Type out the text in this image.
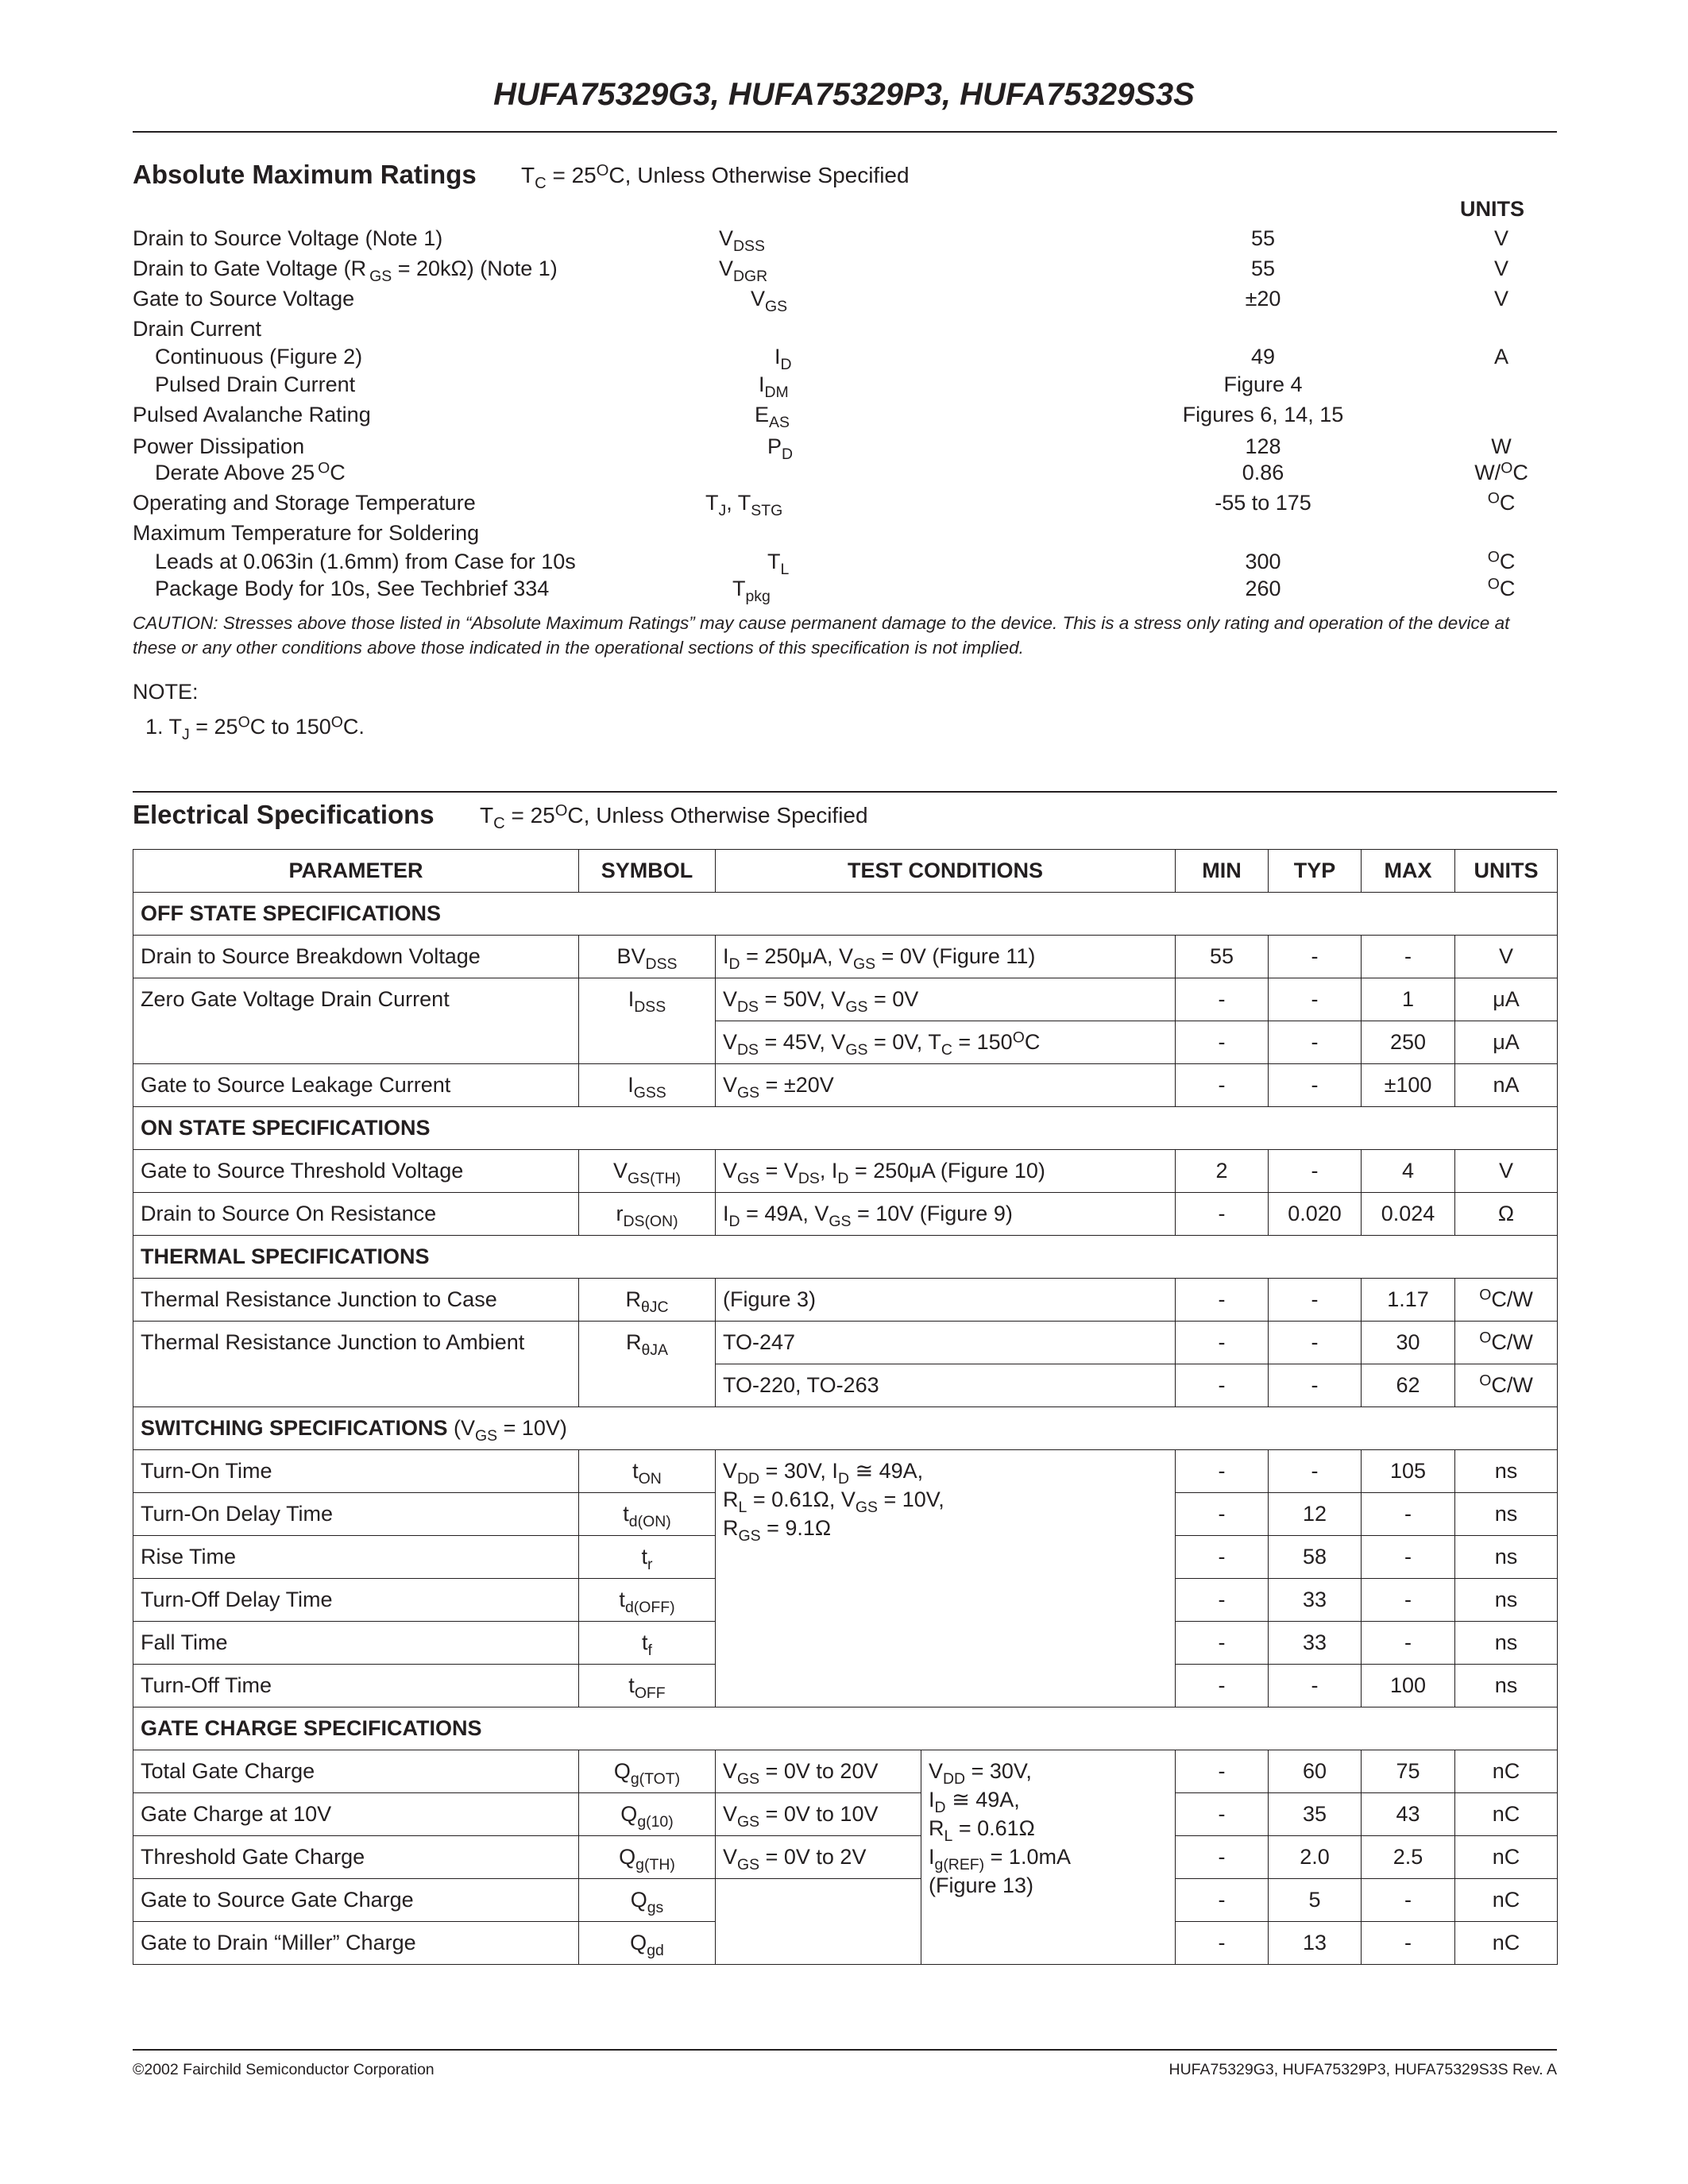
HUFA75329G3, HUFA75329P3, HUFA75329S3S
Absolute Maximum Ratings $T_C = 25^OC$, Unless Otherwise Specified
UNITS
Drain to Source Voltage (Note 1) . . .	$V_{DSS}$	55	V
Drain to Gate Voltage (R $_{GS}$ = 20kΩ) (Note 1) . . .	$V_{DGR}$	55	V
Gate to Source Voltage . . .	$V_{GS}$	±20	V
Drain Current
Continuous (Figure 2) . . .	$I_D$	49	A
Pulsed Drain Current . . .	$I_{DM}$	Figure 4
Pulsed Avalanche Rating . . .	$E_{AS}$	Figures 6, 14, 15
Power Dissipation . . .	$P_D$	128	W
Derate Above 25 $^O$C . . .	0.86	W/$^O$C
Operating and Storage Temperature . . .	$T_J$, $T_{STG}$	-55 to 175	$^O$C
Maximum Temperature for Soldering
Leads at 0.063in (1.6mm) from Case for 10s . . .	$T_L$	300	$^O$C
Package Body for 10s, See Techbrief 334 . . .	$T_{pkg}$	260	$^O$C
CAUTION: Stresses above those listed in “Absolute Maximum Ratings” may cause permanent damage to the device. This is a stress only rating and operation of the device at these or any other conditions above those indicated in the operational sections of this specification is not implied.
NOTE:
1. $T_J = 25^OC$ to $150^OC$.
Electrical Specifications $T_C = 25^OC$, Unless Otherwise Specified
PARAMETER	SYMBOL	TEST CONDITIONS		MIN	TYP	MAX	UNITS
OFF STATE SPECIFICATIONS							
Drain to Source Breakdown Voltage	$BV_{DSS}$	$I_D = 250\mu A$, $V_{GS} = 0V$ (Figure 11)		55	-	-	V
Zero Gate Voltage Drain Current	$I_{DSS}$	$V_{DS} = 50V$, $V_{GS} = 0V$		-	-	1	μA
		$V_{DS} = 45V$, $V_{GS} = 0V$, $T_C = 150^OC$		-	-	250	μA
Gate to Source Leakage Current	$I_{GSS}$	$V_{GS} = \pm 20V$		-	-	±100	nA
ON STATE SPECIFICATIONS							
Gate to Source Threshold Voltage	$V_{GS(TH)}$	$V_{GS} = V_{DS}$, $I_D = 250\mu A$ (Figure 10)		2	-	4	V
Drain to Source On Resistance	$r_{DS(ON)}$	$I_D = 49A$, $V_{GS} = 10V$ (Figure 9)		-	0.020	0.024	Ω
THERMAL SPECIFICATIONS							
Thermal Resistance Junction to Case	$R_{\theta JC}$	(Figure 3)		-	-	1.17	$^O$C/W
Thermal Resistance Junction to Ambient	$R_{\theta JA}$	TO-247		-	-	30	$^O$C/W
		TO-220, TO-263		-	-	62	$^O$C/W
SWITCHING SPECIFICATIONS $(V_{GS} = 10V)$							
Turn-On Time	$t_{ON}$	$V_{DD} = 30V$, $I_D$ ≅ 49A,
$R_L = 0.61\Omega$, $V_{GS} = 10V$,
$R_{GS} = 9.1\Omega$		-	-	105	ns
Turn-On Delay Time	$t_{d(ON)}$			-	12	-	ns
Rise Time	$t_r$			-	58	-	ns
Turn-Off Delay Time	$t_{d(OFF)}$			-	33	-	ns
Fall Time	$t_f$			-	33	-	ns
Turn-Off Time	$t_{OFF}$			-	-	100	ns
GATE CHARGE SPECIFICATIONS							
Total Gate Charge	$Q_{g(TOT)}$	$V_{GS} = 0V$ to 20V	$V_{DD} = 30V$,
$I_D$ ≅ 49A,
$R_L = 0.61\Omega$
$I_{g(REF)} = 1.0mA$
(Figure 13)	-	60	75	nC
Gate Charge at 10V	$Q_{g(10)}$	$V_{GS} = 0V$ to 10V		-	35	43	nC
Threshold Gate Charge	$Q_{g(TH)}$	$V_{GS} = 0V$ to 2V		-	2.0	2.5	nC
Gate to Source Gate Charge	$Q_{gs}$			-	5	-	nC
Gate to Drain “Miller” Charge	$Q_{gd}$			-	13	-	nC
©2002 Fairchild Semiconductor Corporation	HUFA75329G3, HUFA75329P3, HUFA75329S3S Rev. A
